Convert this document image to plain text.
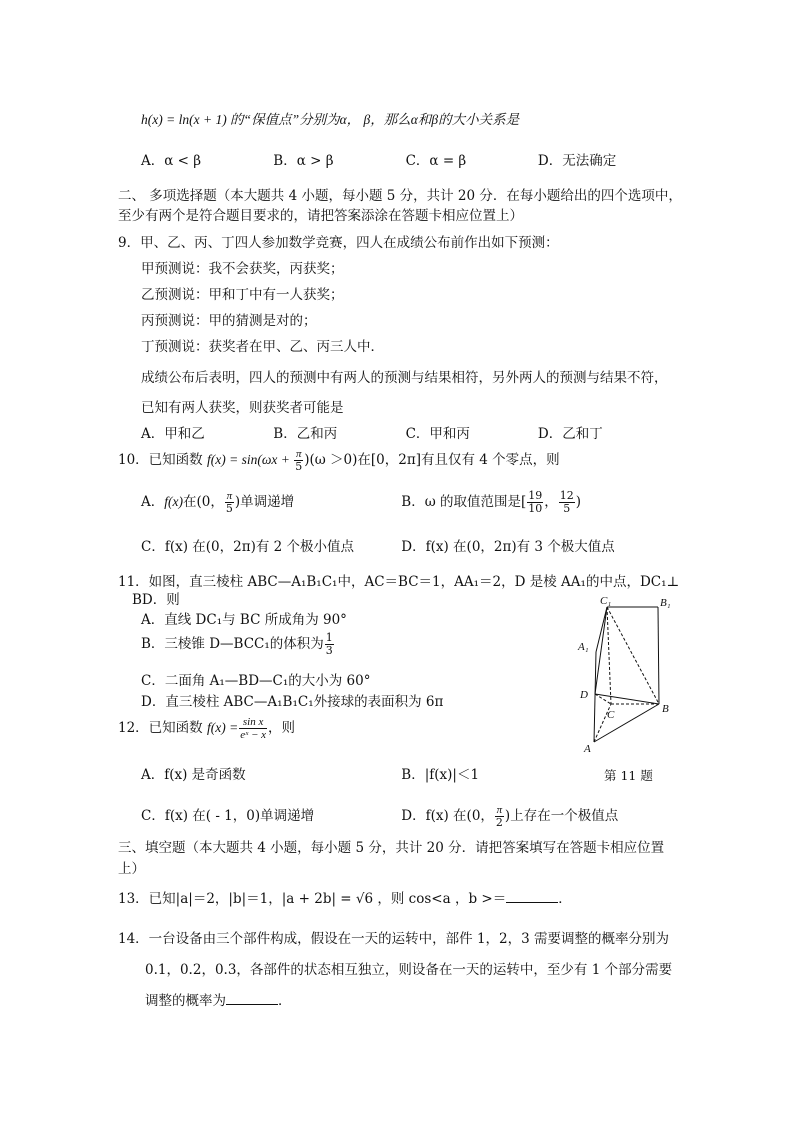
h(x) = ln(x + 1) 的“保值点”分别为α， β，那么α和β的大小关系是
A．α < β	B．α > β	C．α = β	D．无法确定
二、 多项选择题（本大题共 4 小题，每小题 5 分，共计 20 分．在每小题给出的四个选项中，
至少有两个是符合题目要求的，请把答案添涂在答题卡相应位置上）
9．甲、乙、丙、丁四人参加数学竞赛，四人在成绩公布前作出如下预测：
甲预测说：我不会获奖，丙获奖；
乙预测说：甲和丁中有一人获奖；
丙预测说：甲的猜测是对的；
丁预测说：获奖者在甲、乙、丙三人中．
成绩公布后表明，四人的预测中有两人的预测与结果相符，另外两人的预测与结果不符，
已知有两人获奖，则获奖者可能是
A．甲和乙	B．乙和丙	C．甲和丙	D．乙和丁
10．已知函数 $f(x) = \sin(\omega x + \frac{\pi}{5} )(\omega >0)$在[0，2π]有且仅有 4 个零点，则
A．f(x)在(0， $\frac{\pi}{5}$ )单调递增	B．ω 的取值范围是[ $\frac{19}{10}$ ， $\frac{12}{5}$ )
C．f(x) 在(0，2π)有 2 个极小值点	D．f(x) 在(0，2π)有 3 个极大值点
11．如图，直三棱柱 ABC—A₁B₁C₁中，AC＝BC＝1，AA₁＝2，D 是棱 AA₁的中点，DC₁⊥
BD．则
A．直线 DC₁与 BC 所成角为 90°
B．三棱锥 D—BCC₁的体积为 $\frac{1}{3}$
C．二面角 A₁—BD—C₁的大小为 60°
D．直三棱柱 ABC—A₁B₁C₁外接球的表面积为 6π
C₁	B₁
A₁
D
C	B
A
12．已知函数 $f(x) = \frac{\text{sin x}}{\text{eˣ − x}}$ ，则
A．f(x) 是奇函数	B．|f(x)|＜1	第 11 题
C．f(x) 在( - 1，0)单调递增	D．f(x) 在(0， $\frac{\pi}{2}$ )上存在一个极值点
三、填空题（本大题共 4 小题，每小题 5 分，共计 20 分．请把答案填写在答题卡相应位置
上）
13．已知|a|＝2，|b|＝1，|a + 2b| = √6 ，则 cos<a ，b >＝	．
14．一台设备由三个部件构成，假设在一天的运转中，部件 1，2，3 需要调整的概率分别为
0.1，0.2，0.3，各部件的状态相互独立，则设备在一天的运转中，至少有 1 个部分需要
调整的概率为	．
